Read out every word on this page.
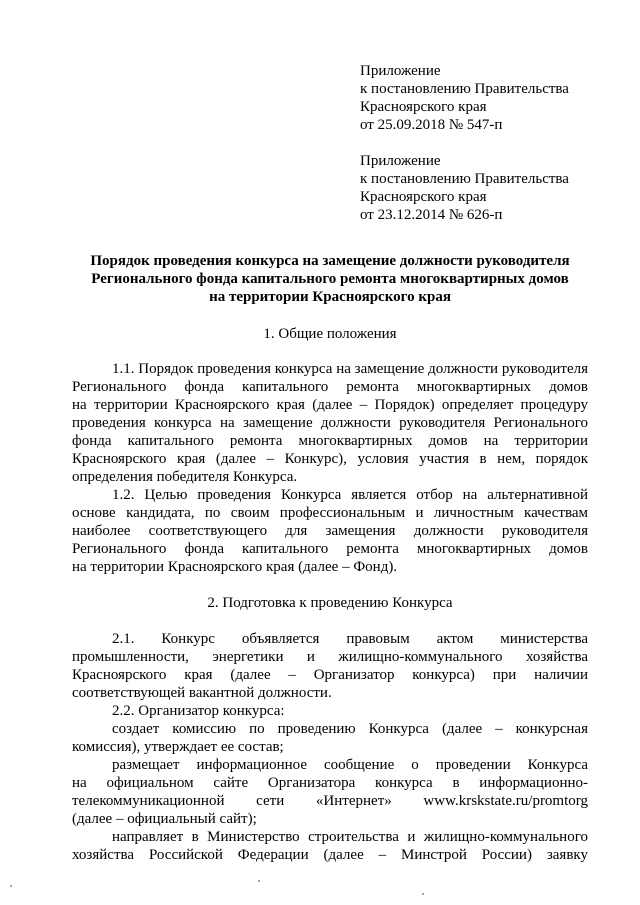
Приложение
к постановлению Правительства
Красноярского края
от 25.09.2018 № 547-п
Приложение
к постановлению Правительства
Красноярского края
от 23.12.2014 № 626-п
Порядок проведения конкурса на замещение должности руководителя
Регионального фонда капитального ремонта многоквартирных домов
на территории Красноярского края
1. Общие положения
1.1. Порядок проведения конкурса на замещение должности руководителя
Регионального фонда капитального ремонта многоквартирных домов
на территории Красноярского края (далее – Порядок) определяет процедуру
проведения конкурса на замещение должности руководителя Регионального
фонда капитального ремонта многоквартирных домов на территории
Красноярского края (далее – Конкурс), условия участия в нем, порядок
определения победителя Конкурса.
1.2. Целью проведения Конкурса является отбор на альтернативной
основе кандидата, по своим профессиональным и личностным качествам
наиболее соответствующего для замещения должности руководителя
Регионального фонда капитального ремонта многоквартирных домов
на территории Красноярского края (далее – Фонд).
2. Подготовка к проведению Конкурса
2.1. Конкурс объявляется правовым актом министерства
промышленности, энергетики и жилищно-коммунального хозяйства
Красноярского края (далее – Организатор конкурса) при наличии
соответствующей вакантной должности.
2.2. Организатор конкурса:
создает комиссию по проведению Конкурса (далее – конкурсная
комиссия), утверждает ее состав;
размещает информационное сообщение о проведении Конкурса
на официальном сайте Организатора конкурса в информационно-
телекоммуникационной сети «Интернет» www.krskstate.ru/promtorg
(далее – официальный сайт);
направляет в Министерство строительства и жилищно-коммунального
хозяйства Российской Федерации (далее – Минстрой России) заявку
